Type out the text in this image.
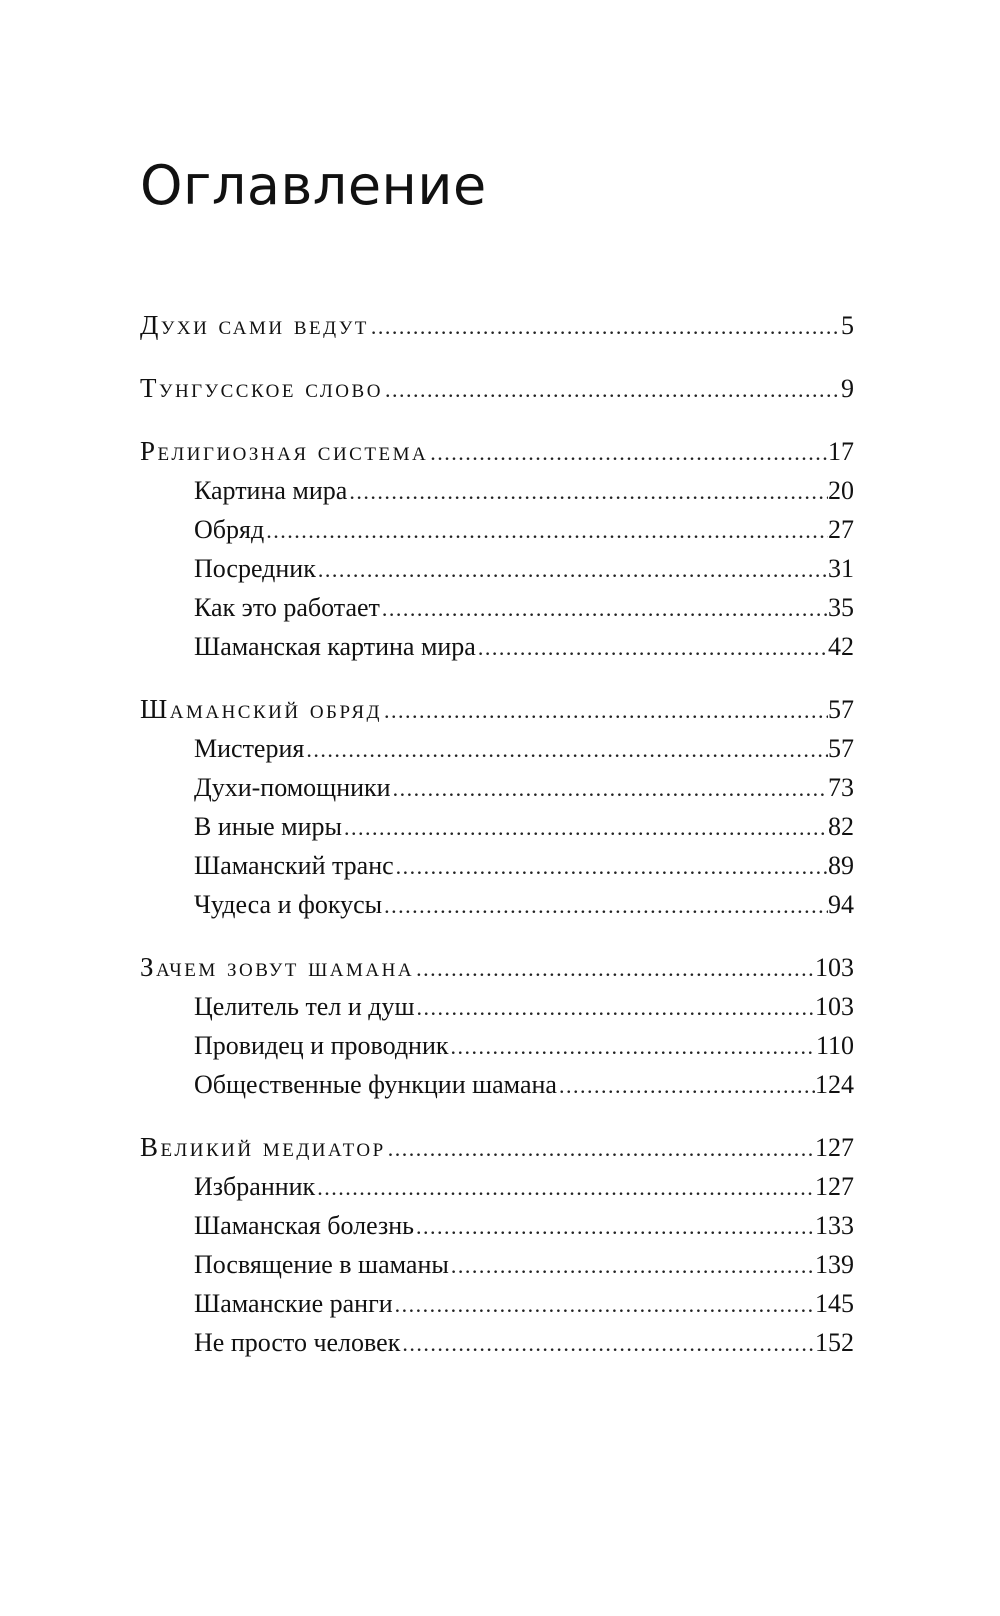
Оглавление
Духи сами ведут .....	5
Тунгусское слово .....	9
Религиозная система .....	17
Картина мира .....	20
Обряд .....	27
Посредник .....	31
Как это работает .....	35
Шаманская картина мира .....	42
Шаманский обряд .....	57
Мистерия .....	57
Духи-помощники .....	73
В иные миры .....	82
Шаманский транс .....	89
Чудеса и фокусы .....	94
Зачем зовут шамана .....	103
Целитель тел и душ .....	103
Провидец и проводник .....	110
Общественные функции шамана .....	124
Великий медиатор .....	127
Избранник .....	127
Шаманская болезнь .....	133
Посвящение в шаманы .....	139
Шаманские ранги .....	145
Не просто человек .....	152
